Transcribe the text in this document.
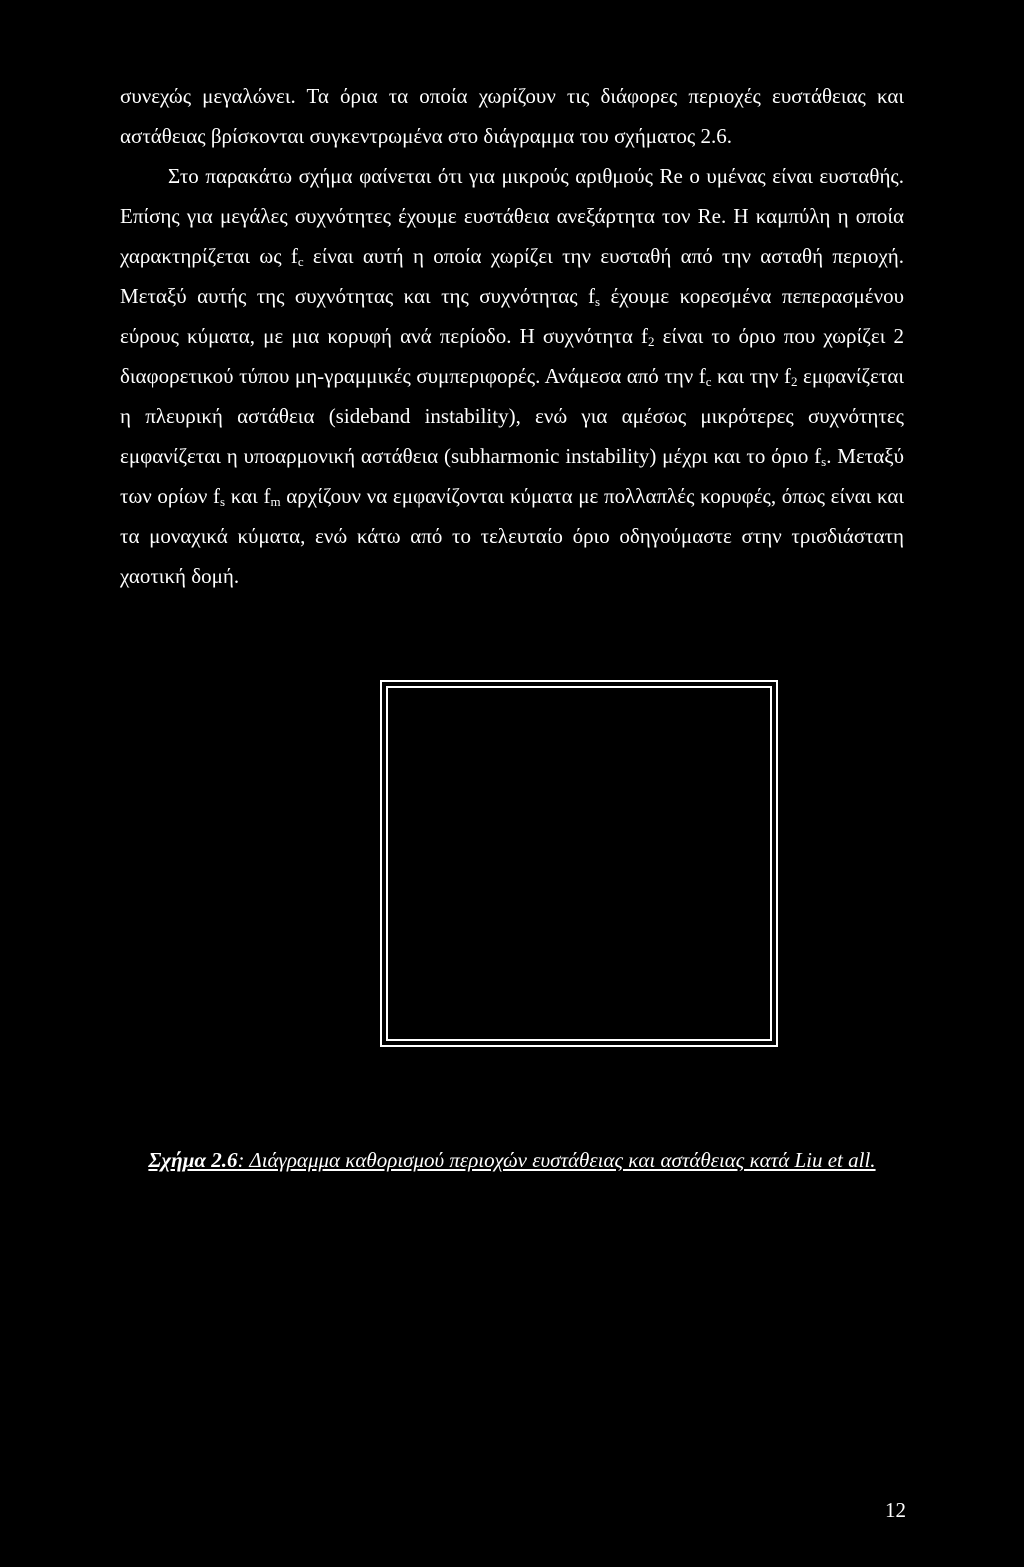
συνεχώς μεγαλώνει. Τα όρια τα οποία χωρίζουν τις διάφορες περιοχές ευστάθειας και αστάθειας βρίσκονται συγκεντρωμένα στο διάγραμμα του σχήματος 2.6.

Στο παρακάτω σχήμα φαίνεται ότι για μικρούς αριθμούς Re ο υμένας είναι ευσταθής. Επίσης για μεγάλες συχνότητες έχουμε ευστάθεια ανεξάρτητα τον Re. Η καμπύλη η οποία χαρακτηρίζεται ως $f_c$ είναι αυτή η οποία χωρίζει την ευσταθή από την ασταθή περιοχή. Μεταξύ αυτής της συχνότητας και της συχνότητας $f_s$ έχουμε κορεσμένα πεπερασμένου εύρους κύματα, με μια κορυφή ανά περίοδο. Η συχνότητα $f_2$ είναι το όριο που χωρίζει 2 διαφορετικού τύπου μη-γραμμικές συμπεριφορές. Ανάμεσα από την $f_c$ και την $f_2$ εμφανίζεται η πλευρική αστάθεια (sideband instability), ενώ για αμέσως μικρότερες συχνότητες εμφανίζεται η υποαρμονική αστάθεια (subharmonic instability) μέχρι και το όριο $f_s$. Μεταξύ των ορίων $f_s$ και $f_m$ αρχίζουν να εμφανίζονται κύματα με πολλαπλές κορυφές, όπως είναι και τα μοναχικά κύματα, ενώ κάτω από το τελευταίο όριο οδηγούμαστε στην τρισδιάστατη χαοτική δομή.

Σχήμα 2.6: Διάγραμμα καθορισμού περιοχών ευστάθειας και αστάθειας κατά Liu et all.

12
